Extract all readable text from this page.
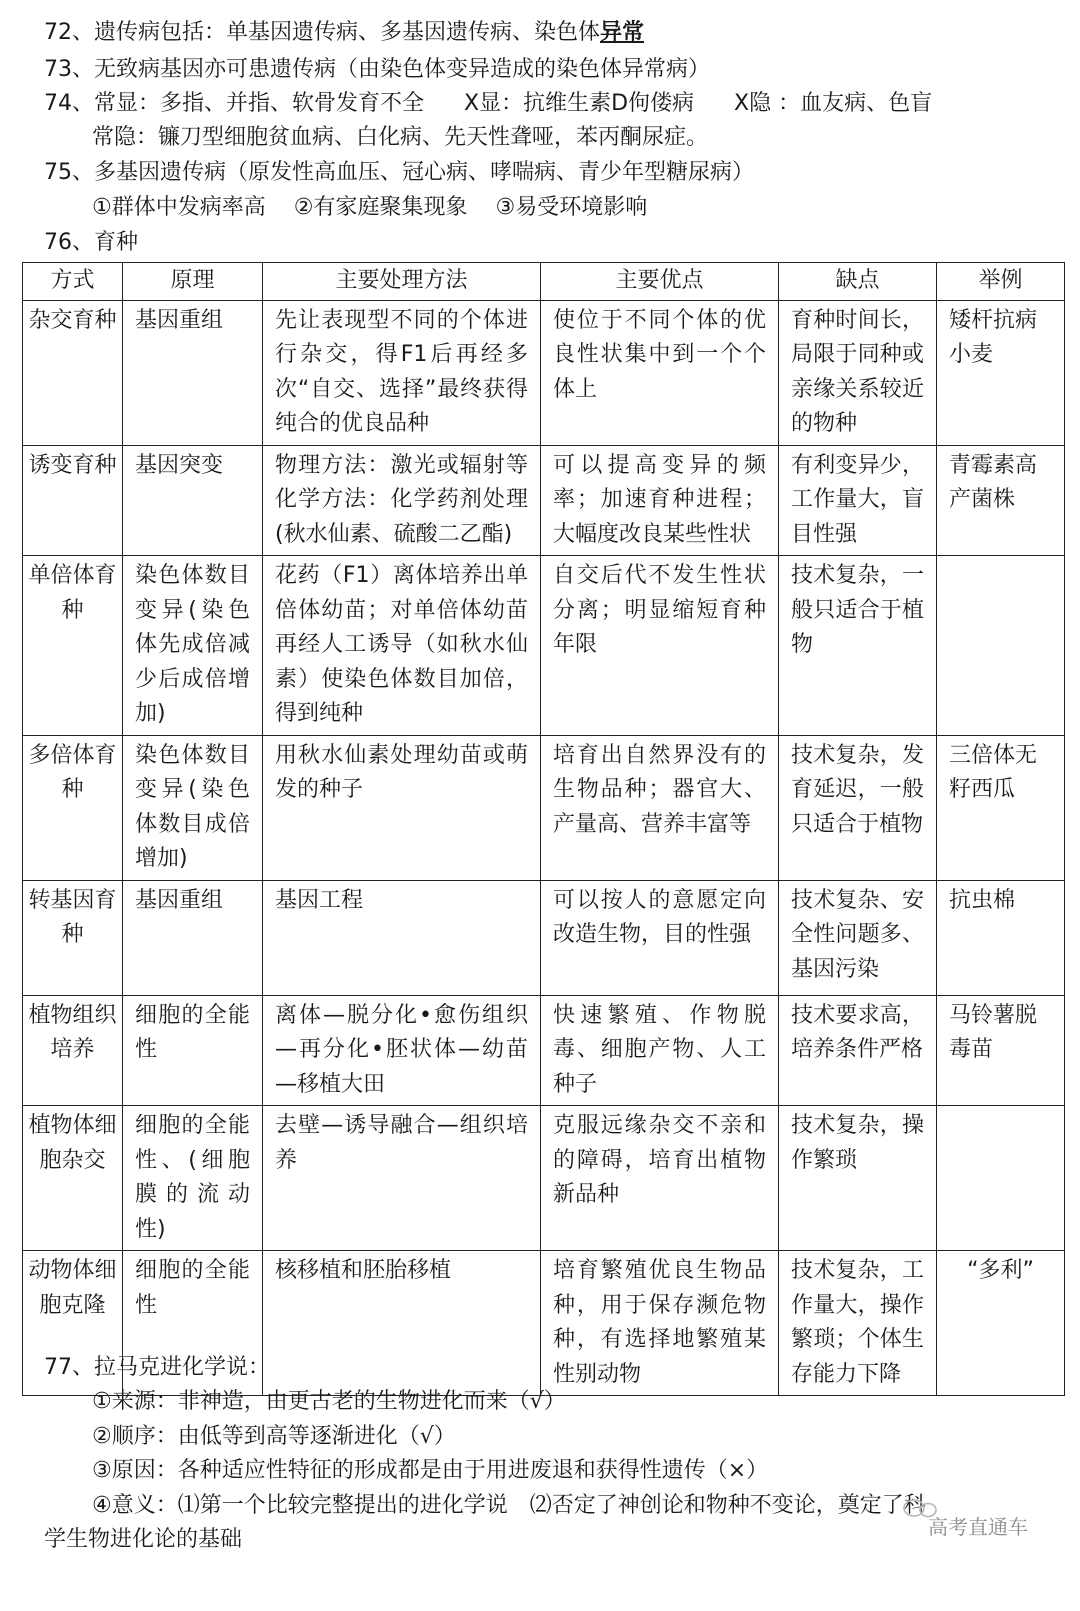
72、遗传病包括：单基因遗传病、多基因遗传病、染色体异常
73、无致病基因亦可患遗传病（由染色体变异造成的染色体异常病）
74、常显：多指、并指、软骨发育不全 X显：抗维生素D佝偻病 X隐 ：血友病、色盲
常隐：镰刀型细胞贫血病、白化病、先天性聋哑，苯丙酮尿症。
75、多基因遗传病（原发性高血压、冠心病、哮喘病、青少年型糖尿病）
①群体中发病率高 ②有家庭聚集现象 ③易受环境影响
76、育种
方式	原理	主要处理方法	主要优点	缺点	举例
杂交育种	基因重组	先让表现型不同的个体进行杂交，得F1后再经多次“自交、选择”最终获得纯合的优良品种	使位于不同个体的优良性状集中到一个个体上	育种时间长，局限于同种或亲缘关系较近的物种	矮杆抗病小麦
诱变育种	基因突变	物理方法：激光或辐射等化学方法：化学药剂处理(秋水仙素、硫酸二乙酯)	可以提高变异的频率；加速育种进程；大幅度改良某些性状	有利变异少，工作量大，盲目性强	青霉素高产菌株
单倍体育种	染色体数目变异(染色体先成倍减少后成倍增加)	花药（F1）离体培养出单倍体幼苗；对单倍体幼苗再经人工诱导（如秋水仙素）使染色体数目加倍，得到纯种	自交后代不发生性状分离；明显缩短育种年限	技术复杂，一般只适合于植物	
多倍体育种	染色体数目变异(染色体数目成倍增加)	用秋水仙素处理幼苗或萌发的种子	培育出自然界没有的生物品种；器官大、产量高、营养丰富等	技术复杂，发育延迟，一般只适合于植物	三倍体无籽西瓜
转基因育种	基因重组	基因工程	可以按人的意愿定向改造生物，目的性强	技术复杂、安全性问题多、基因污染	抗虫棉
植物组织培养	细胞的全能性	离体—脱分化•愈伤组织—再分化•胚状体—幼苗—移植大田	快速繁殖、作物脱毒、细胞产物、人工种子	技术要求高，培养条件严格	马铃薯脱毒苗
植物体细胞杂交	细胞的全能性、(细胞膜的流动性)	去壁—诱导融合—组织培养	克服远缘杂交不亲和的障碍，培育出植物新品种	技术复杂，操作繁琐	
动物体细胞克隆	细胞的全能性	核移植和胚胎移植	培育繁殖优良生物品种，用于保存濒危物种，有选择地繁殖某性别动物	技术复杂，工作量大，操作繁琐；个体生存能力下降	“多利”
77、拉马克进化学说：
①来源：非神造，由更古老的生物进化而来（√）
②顺序：由低等到高等逐渐进化（√）
③原因：各种适应性特征的形成都是由于用进废退和获得性遗传（×）
④意义：⑴第一个比较完整提出的进化学说　⑵否定了神创论和物种不变论，奠定了科
学生物进化论的基础	高考直通车
